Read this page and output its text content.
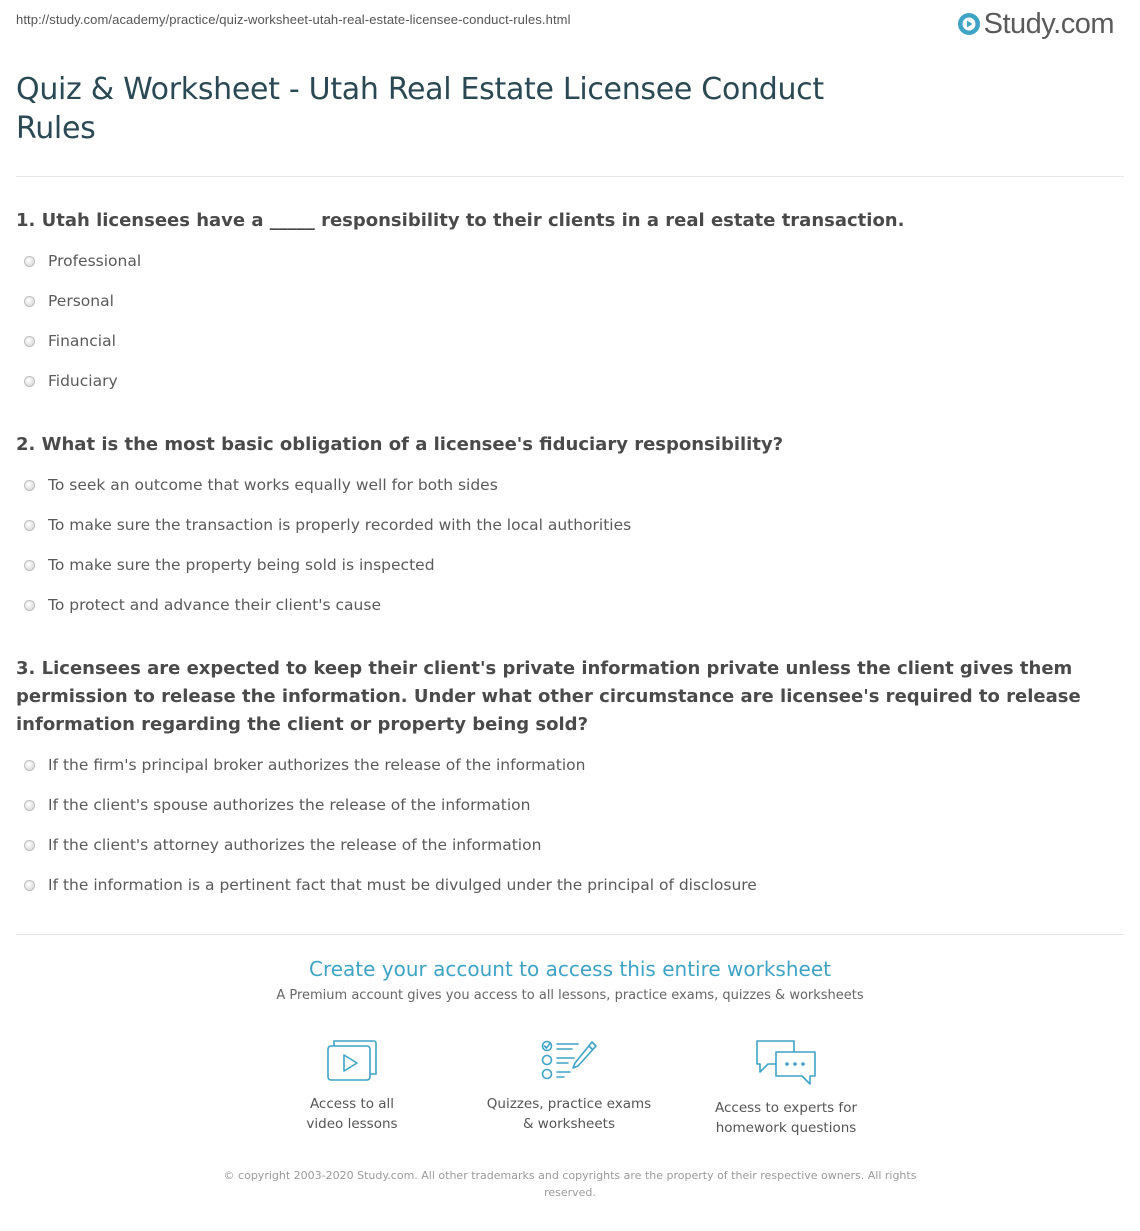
http://study.com/academy/practice/quiz-worksheet-utah-real-estate-licensee-conduct-rules.html	Study.com
Quiz & Worksheet - Utah Real Estate Licensee Conduct Rules

1. Utah licensees have a _____ responsibility to their clients in a real estate transaction.

Professional
Personal
Financial
Fiduciary

2. What is the most basic obligation of a licensee's fiduciary responsibility?

To seek an outcome that works equally well for both sides
To make sure the transaction is properly recorded with the local authorities
To make sure the property being sold is inspected
To protect and advance their client's cause

3. Licensees are expected to keep their client's private information private unless the client gives them permission to release the information. Under what other circumstance are licensee's required to release information regarding the client or property being sold?

If the firm's principal broker authorizes the release of the information
If the client's spouse authorizes the release of the information
If the client's attorney authorizes the release of the information
If the information is a pertinent fact that must be divulged under the principal of disclosure
Create your account to access this entire worksheet
A Premium account gives you access to all lessons, practice exams, quizzes & worksheets
Access to all
video lessons
Quizzes, practice exams
& worksheets
Access to experts for
homework questions
© copyright 2003-2020 Study.com. All other trademarks and copyrights are the property of their respective owners. All rights reserved.
